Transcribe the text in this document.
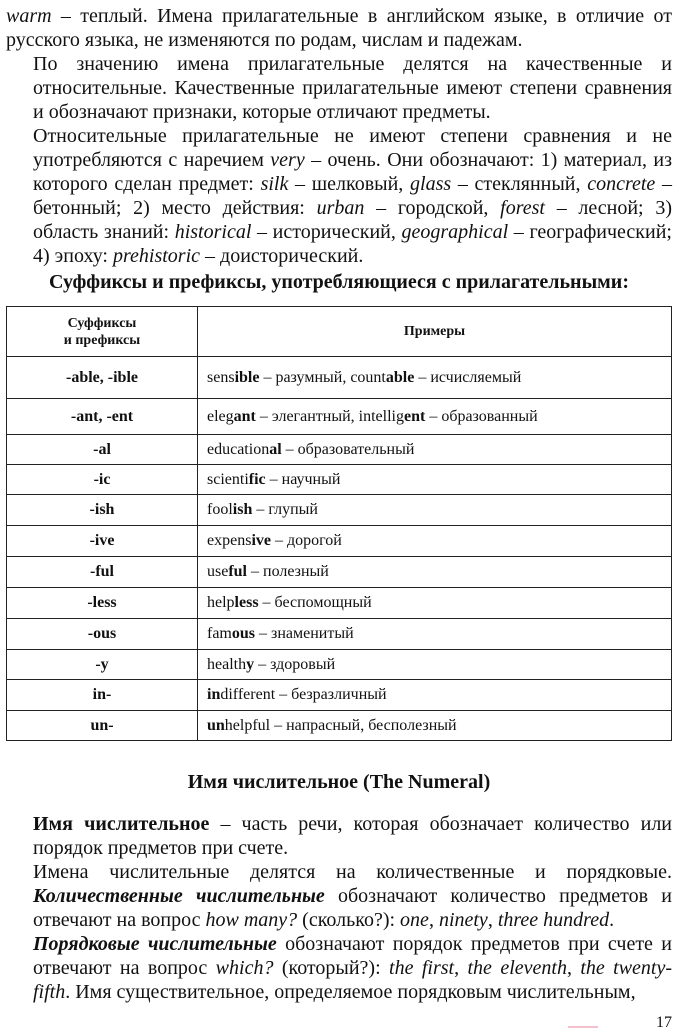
warm – теплый. Имена прилагательные в английском языке, в отличие от русского языка, не изменяются по родам, числам и падежам.
По значению имена прилагательные делятся на качественные и относительные. Качественные прилагательные имеют степени сравнения и обозначают признаки, которые отличают предметы.
Относительные прилагательные не имеют степени сравнения и не употребляются с наречием very – очень. Они обозначают: 1) материал, из которого сделан предмет: silk – шелковый, glass – стеклянный, concrete – бетонный; 2) место действия: urban – городской, forest – лесной; 3) область знаний: historical – исторический, geographical – географический; 4) эпоху: prehistoric – доисторический.
Суффиксы и префиксы, употребляющиеся с прилагательными:
Суффиксы
и префиксы	Примеры
-able, -ible	sensible – разумный, countable – исчисляемый
-ant, -ent	elegant – элегантный, intelligent – образованный
-al	educational – образовательный
-ic	scientific – научный
-ish	foolish – глупый
-ive	expensive – дорогой
-ful	useful – полезный
-less	helpless – беспомощный
-ous	famous – знаменитый
-y	healthy – здоровый
in-	indifferent – безразличный
un-	unhelpful – напрасный, бесполезный
Имя числительное (The Numeral)
Имя числительное – часть речи, которая обозначает количество или порядок предметов при счете.
Имена числительные делятся на количественные и порядковые. Количественные числительные обозначают количество предметов и отвечают на вопрос how many? (сколько?): one, ninety, three hundred.
Порядковые числительные обозначают порядок предметов при счете и отвечают на вопрос which? (который?): the first, the eleventh, the twenty-fifth. Имя существительное, определяемое порядковым числительным,
17
